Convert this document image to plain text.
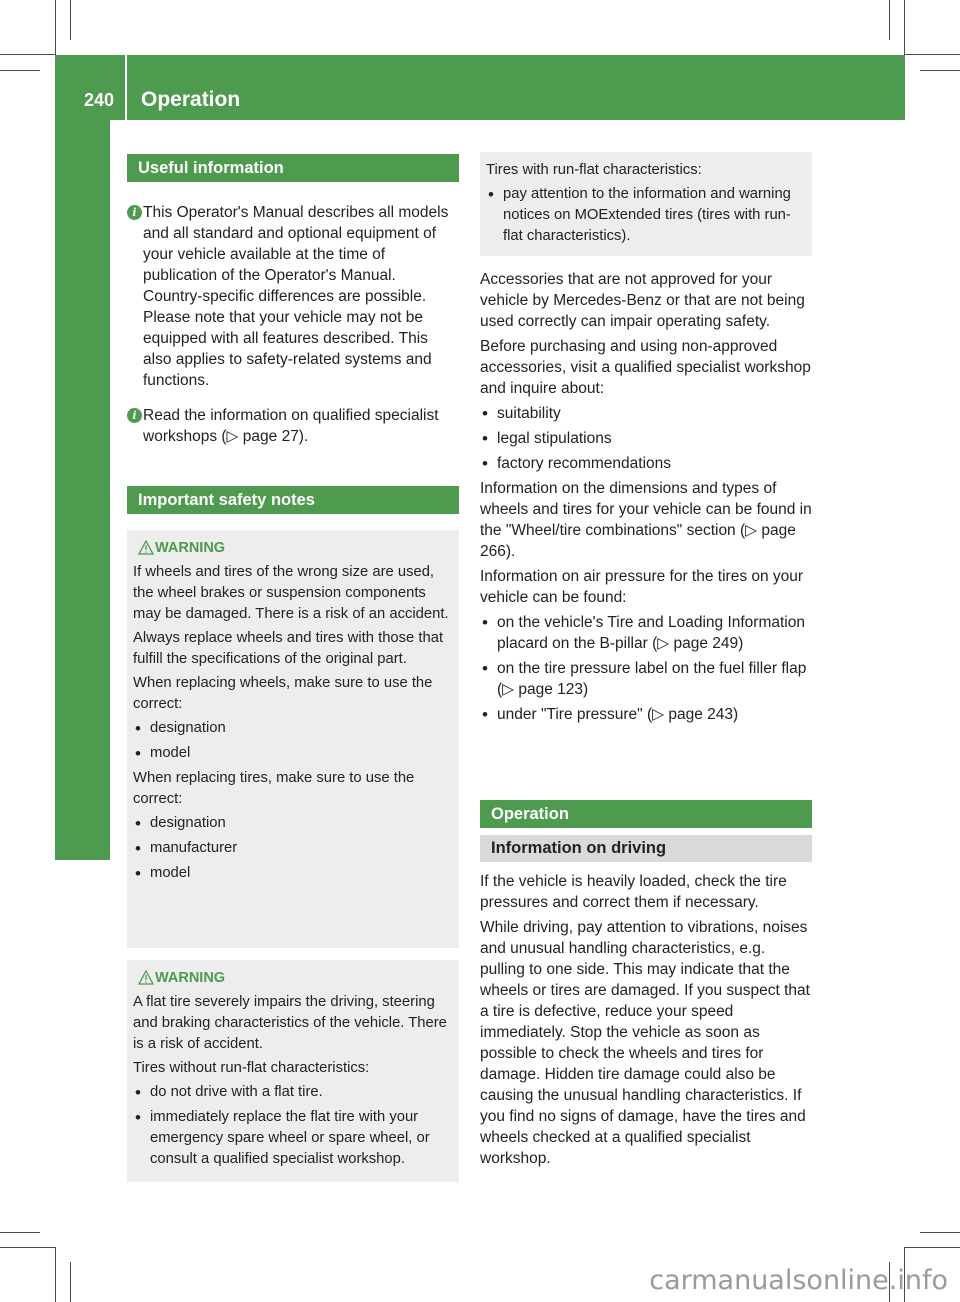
240 Operation
Wheels and tires
Useful information
i This Operator's Manual describes all models and all standard and optional equipment of your vehicle available at the time of publication of the Operator's Manual. Country-specific differences are possible. Please note that your vehicle may not be equipped with all features described. This also applies to safety-related systems and functions.

i Read the information on qualified specialist workshops (▷ page 27).

Important safety notes
WARNING

If wheels and tires of the wrong size are used, the wheel brakes or suspension components may be damaged. There is a risk of an accident.

Always replace wheels and tires with those that fulfill the specifications of the original part.

When replacing wheels, make sure to use the correct:

• designation
• model

When replacing tires, make sure to use the correct:

• designation
• manufacturer
• model
WARNING

A flat tire severely impairs the driving, steering and braking characteristics of the vehicle. There is a risk of accident.

Tires without run-flat characteristics:

• do not drive with a flat tire.
• immediately replace the flat tire with your emergency spare wheel or spare wheel, or consult a qualified specialist workshop.

Tires with run-flat characteristics:

• pay attention to the information and warning notices on MOExtended tires (tires with run-flat characteristics).

Accessories that are not approved for your vehicle by Mercedes-Benz or that are not being used correctly can impair operating safety.

Before purchasing and using non-approved accessories, visit a qualified specialist workshop and inquire about:

• suitability
• legal stipulations
• factory recommendations

Information on the dimensions and types of wheels and tires for your vehicle can be found in the "Wheel/tire combinations" section (▷ page 266).

Information on air pressure for the tires on your vehicle can be found:

• on the vehicle's Tire and Loading Information placard on the B-pillar (▷ page 249)
• on the tire pressure label on the fuel filler flap (▷ page 123)
• under "Tire pressure" (▷ page 243)
Operation
Information on driving

If the vehicle is heavily loaded, check the tire pressures and correct them if necessary.

While driving, pay attention to vibrations, noises and unusual handling characteristics, e.g. pulling to one side. This may indicate that the wheels or tires are damaged. If you suspect that a tire is defective, reduce your speed immediately. Stop the vehicle as soon as possible to check the wheels and tires for damage. Hidden tire damage could also be causing the unusual handling characteristics. If you find no signs of damage, have the tires and wheels checked at a qualified specialist workshop.

carmanualsonline.info
